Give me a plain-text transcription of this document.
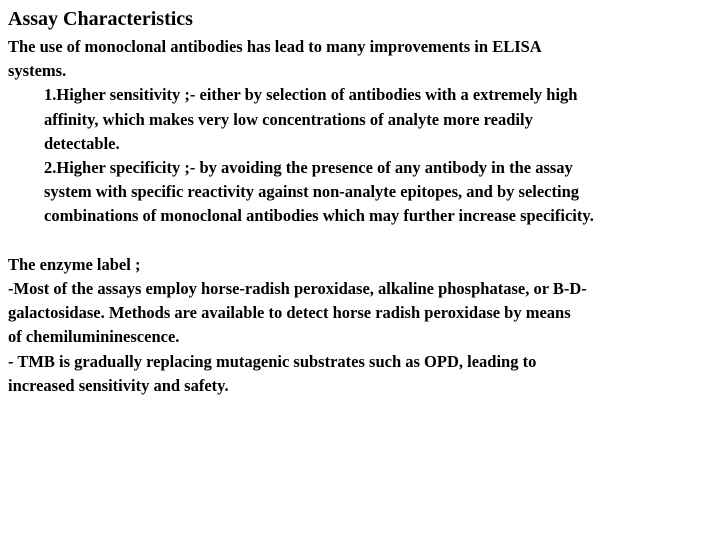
Assay Characteristics
The use of monoclonal antibodies has lead to many improvements in ELISA
systems.
1.Higher sensitivity ;- either by selection of antibodies with a extremely high
affinity, which makes very low concentrations of analyte more readily
detectable.
2.Higher specificity ;- by avoiding the presence of any antibody in the assay
system with specific reactivity against non-analyte epitopes, and by selecting
combinations of monoclonal antibodies which may further increase specificity.
The enzyme label ;
-Most of the assays employ horse-radish peroxidase, alkaline phosphatase, or B-D-
galactosidase. Methods are available to detect horse radish peroxidase by means
of chemilumininescence.
- TMB is gradually replacing mutagenic substrates such as OPD, leading to
increased sensitivity and safety.
